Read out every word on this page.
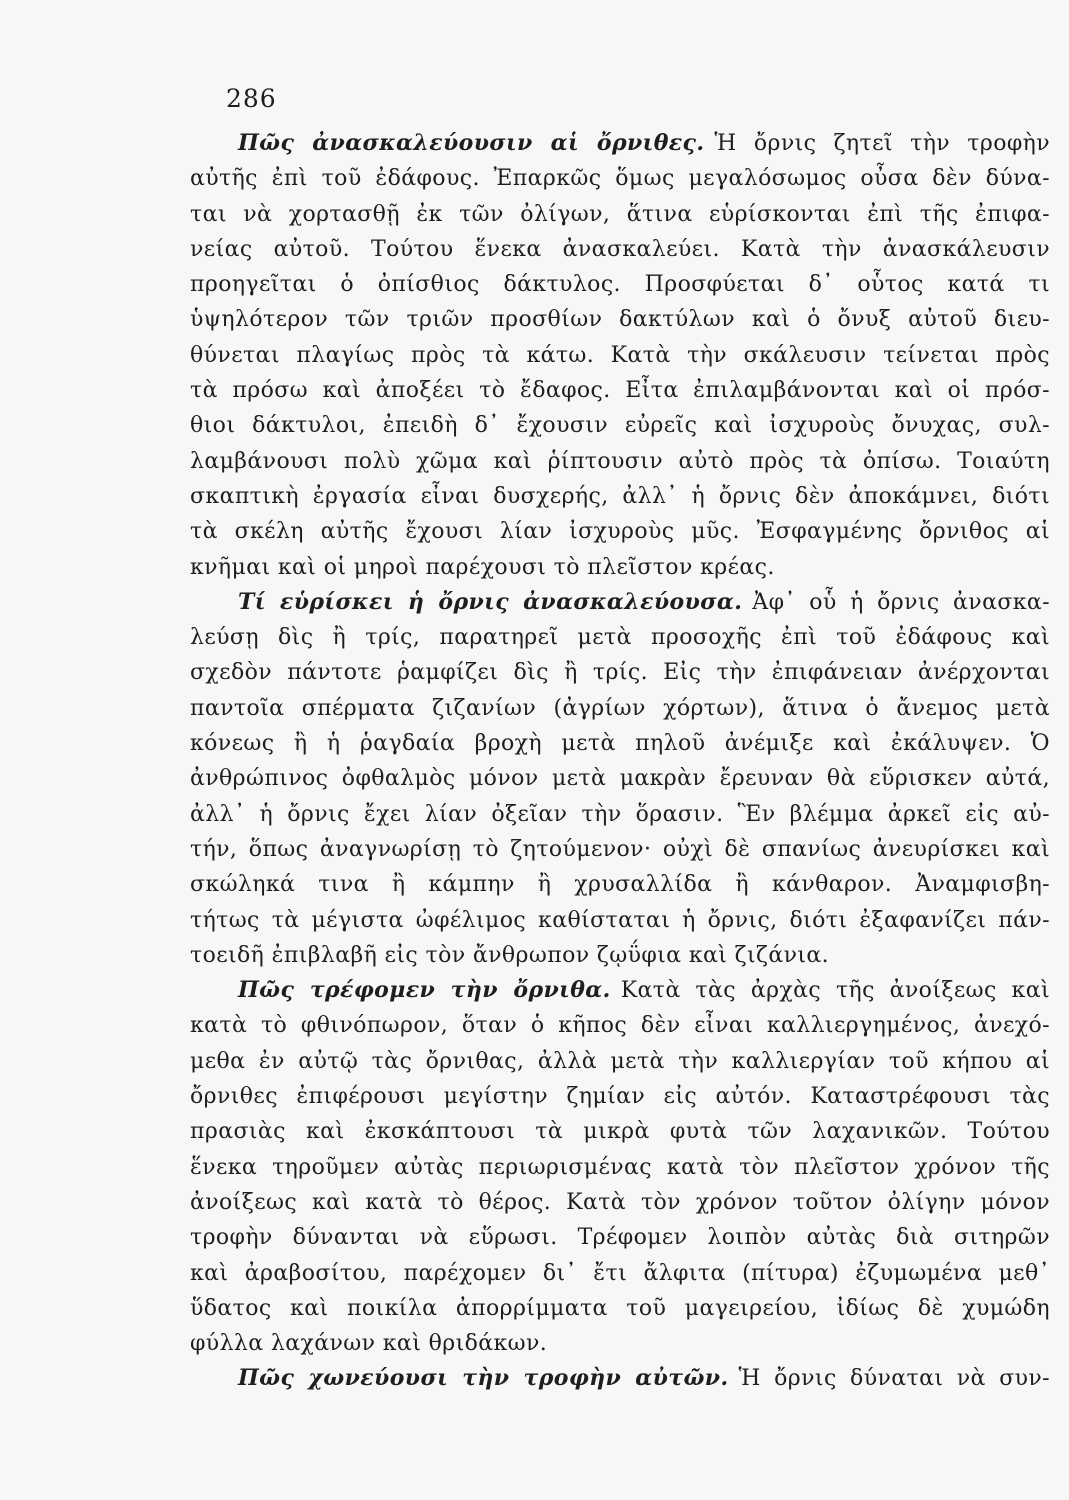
286
Πῶς ἀνασκαλεύουσιν αἱ ὄρνιθες. Ἡ ὄρνις ζητεῖ τὴν τροφὴν
αὐτῆς ἐπὶ τοῦ ἐδάφους. Ἐπαρκῶς ὅμως μεγαλόσωμος οὖσα δὲν δύνα-
ται νὰ χορτασθῇ ἐκ τῶν ὀλίγων, ἅτινα εὑρίσκονται ἐπὶ τῆς ἐπιφα-
νείας αὐτοῦ. Τούτου ἕνεκα ἀνασκαλεύει. Κατὰ τὴν ἀνασκάλευσιν
προηγεῖται ὁ ὀπίσθιος δάκτυλος. Προσφύεται δ᾽ οὗτος κατά τι
ὑψηλότερον τῶν τριῶν προσθίων δακτύλων καὶ ὁ ὄνυξ αὐτοῦ διευ-
θύνεται πλαγίως πρὸς τὰ κάτω. Κατὰ τὴν σκάλευσιν τείνεται πρὸς
τὰ πρόσω καὶ ἀποξέει τὸ ἔδαφος. Εἶτα ἐπιλαμβάνονται καὶ οἱ πρόσ-
θιοι δάκτυλοι, ἐπειδὴ δ᾽ ἔχουσιν εὐρεῖς καὶ ἰσχυροὺς ὄνυχας, συλ-
λαμβάνουσι πολὺ χῶμα καὶ ῥίπτουσιν αὐτὸ πρὸς τὰ ὀπίσω. Τοιαύτη
σκαπτικὴ ἐργασία εἶναι δυσχερής, ἀλλ᾽ ἡ ὄρνις δὲν ἀποκάμνει, διότι
τὰ σκέλη αὐτῆς ἔχουσι λίαν ἰσχυροὺς μῦς. Ἐσφαγμένης ὄρνιθος αἱ
κνῆμαι καὶ οἱ μηροὶ παρέχουσι τὸ πλεῖστον κρέας.
Τί εὑρίσκει ἡ ὄρνις ἀνασκαλεύουσα. Ἀφ᾽ οὗ ἡ ὄρνις ἀνασκα-
λεύσῃ δὶς ἢ τρίς, παρατηρεῖ μετὰ προσοχῆς ἐπὶ τοῦ ἐδάφους καὶ
σχεδὸν πάντοτε ῥαμφίζει δὶς ἢ τρίς. Εἰς τὴν ἐπιφάνειαν ἀνέρχονται
παντοῖα σπέρματα ζιζανίων (ἀγρίων χόρτων), ἅτινα ὁ ἄνεμος μετὰ
κόνεως ἢ ἡ ῥαγδαία βροχὴ μετὰ πηλοῦ ἀνέμιξε καὶ ἐκάλυψεν. Ὁ
ἀνθρώπινος ὀφθαλμὸς μόνον μετὰ μακρὰν ἔρευναν θὰ εὕρισκεν αὐτά,
ἀλλ᾽ ἡ ὄρνις ἔχει λίαν ὀξεῖαν τὴν ὅρασιν. Ἓν βλέμμα ἀρκεῖ εἰς αὐ-
τήν, ὅπως ἀναγνωρίσῃ τὸ ζητούμενον· οὐχὶ δὲ σπανίως ἀνευρίσκει καὶ
σκώληκά τινα ἢ κάμπην ἢ χρυσαλλίδα ἢ κάνθαρον. Ἀναμφισβη-
τήτως τὰ μέγιστα ὠφέλιμος καθίσταται ἡ ὄρνις, διότι ἐξαφανίζει πάν-
τοειδῆ ἐπιβλαβῆ εἰς τὸν ἄνθρωπον ζῳΰφια καὶ ζιζάνια.
Πῶς τρέφομεν τὴν ὄρνιθα. Κατὰ τὰς ἀρχὰς τῆς ἀνοίξεως καὶ
κατὰ τὸ φθινόπωρον, ὅταν ὁ κῆπος δὲν εἶναι καλλιεργημένος, ἀνεχό-
μεθα ἐν αὐτῷ τὰς ὄρνιθας, ἀλλὰ μετὰ τὴν καλλιεργίαν τοῦ κήπου αἱ
ὄρνιθες ἐπιφέρουσι μεγίστην ζημίαν εἰς αὐτόν. Καταστρέφουσι τὰς
πρασιὰς καὶ ἐκσκάπτουσι τὰ μικρὰ φυτὰ τῶν λαχανικῶν. Τούτου
ἕνεκα τηροῦμεν αὐτὰς περιωρισμένας κατὰ τὸν πλεῖστον χρόνον τῆς
ἀνοίξεως καὶ κατὰ τὸ θέρος. Κατὰ τὸν χρόνον τοῦτον ὀλίγην μόνον
τροφὴν δύνανται νὰ εὕρωσι. Τρέφομεν λοιπὸν αὐτὰς διὰ σιτηρῶν
καὶ ἀραβοσίτου, παρέχομεν δι᾽ ἔτι ἄλφιτα (πίτυρα) ἐζυμωμένα μεθ᾽
ὕδατος καὶ ποικίλα ἀπορρίμματα τοῦ μαγειρείου, ἰδίως δὲ χυμώδη
φύλλα λαχάνων καὶ θριδάκων.
Πῶς χωνεύουσι τὴν τροφὴν αὐτῶν. Ἡ ὄρνις δύναται νὰ συν-
